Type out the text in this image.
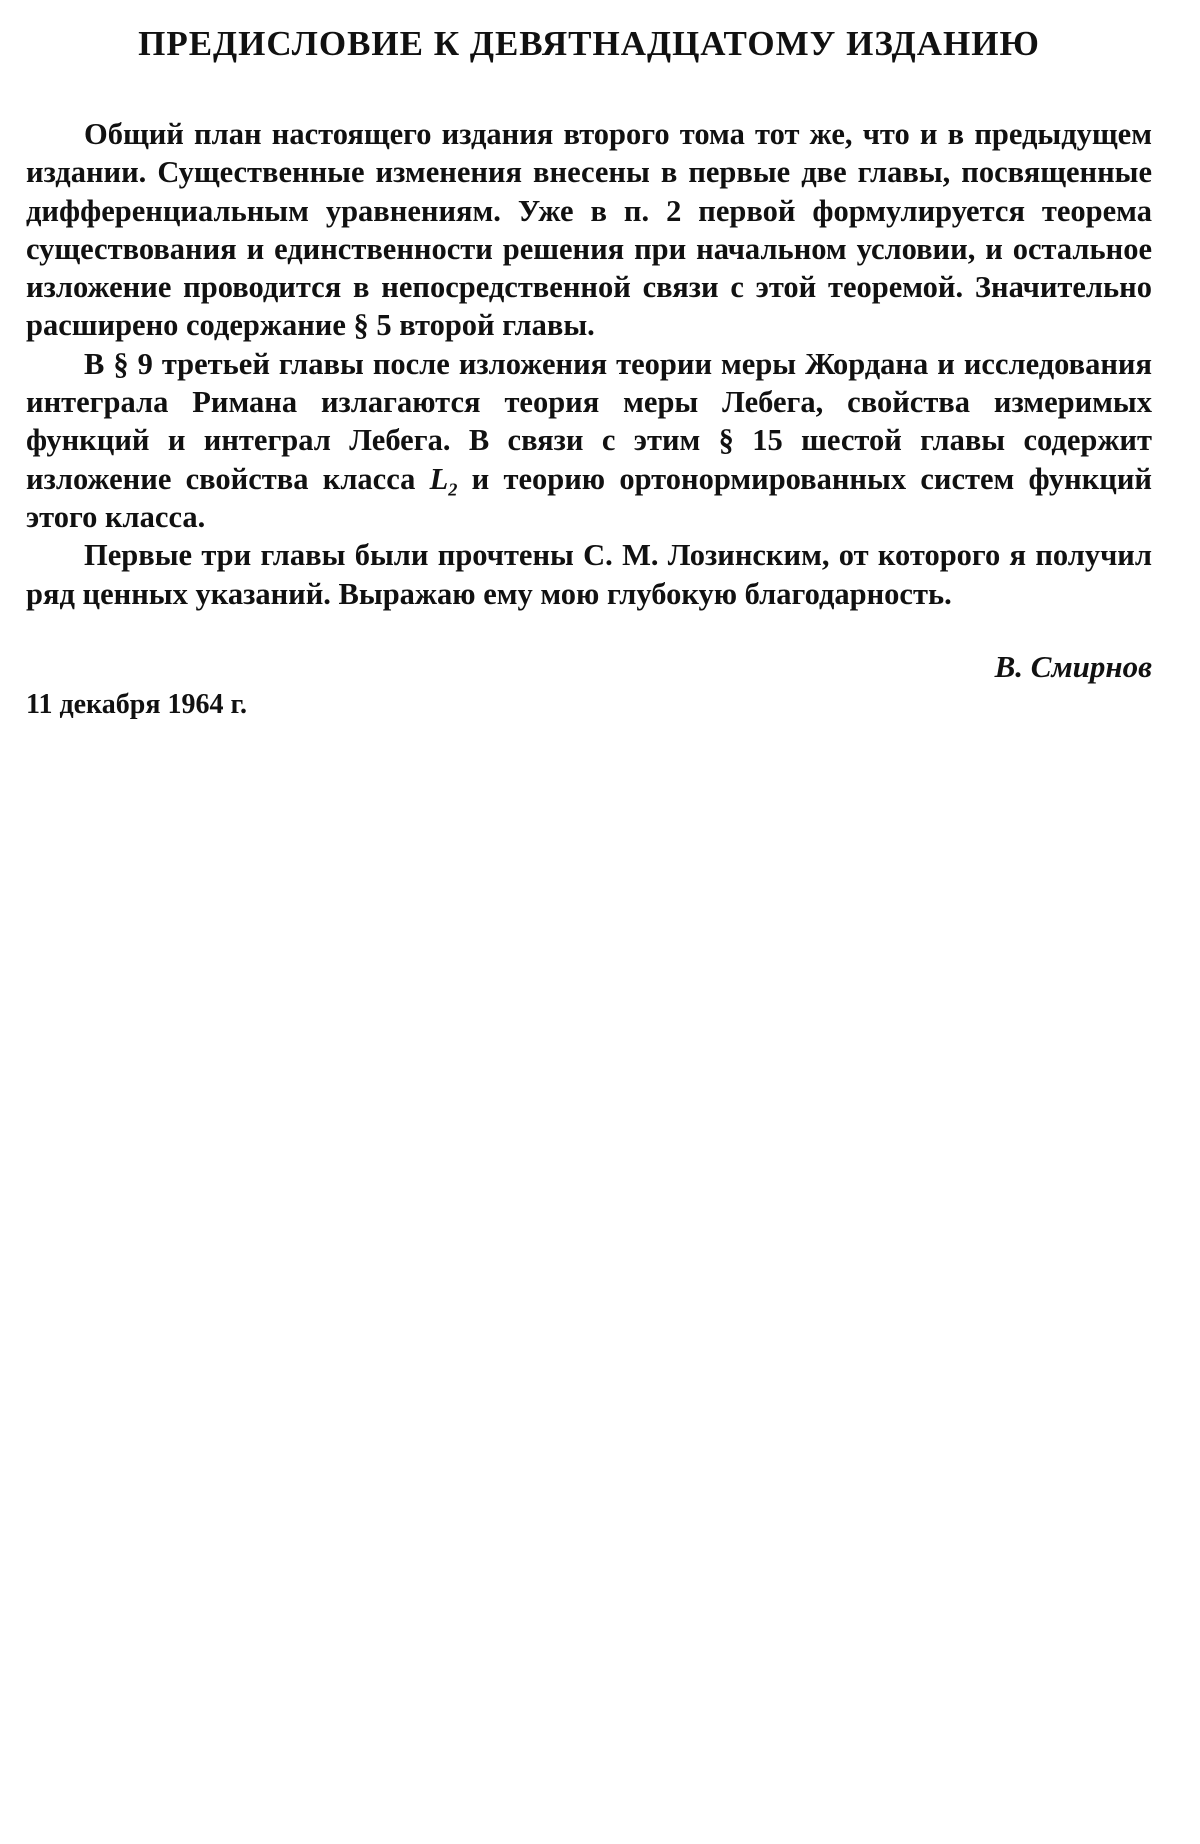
ПРЕДИСЛОВИЕ К ДЕВЯТНАДЦАТОМУ ИЗДАНИЮ

Общий план настоящего издания второго тома тот же, что и в предыдущем издании. Существенные изменения внесены в первые две главы, посвященные дифференциальным уравнениям. Уже в п. 2 первой формулируется теорема существования и единственности решения при начальном условии, и остальное изложение проводится в непосредственной связи с этой теоремой. Значительно расширено содержание § 5 второй главы.

В § 9 третьей главы после изложения теории меры Жордана и исследования интеграла Римана излагаются теория меры Лебега, свойства измеримых функций и интеграл Лебега. В связи с этим § 15 шестой главы содержит изложение свойства класса $L_2$ и теорию ортонормированных систем функций этого класса.

Первые три главы были прочтены С. М. Лозинским, от которого я получил ряд ценных указаний. Выражаю ему мою глубокую благодарность.

В. Смирнов
11 декабря 1964 г.
